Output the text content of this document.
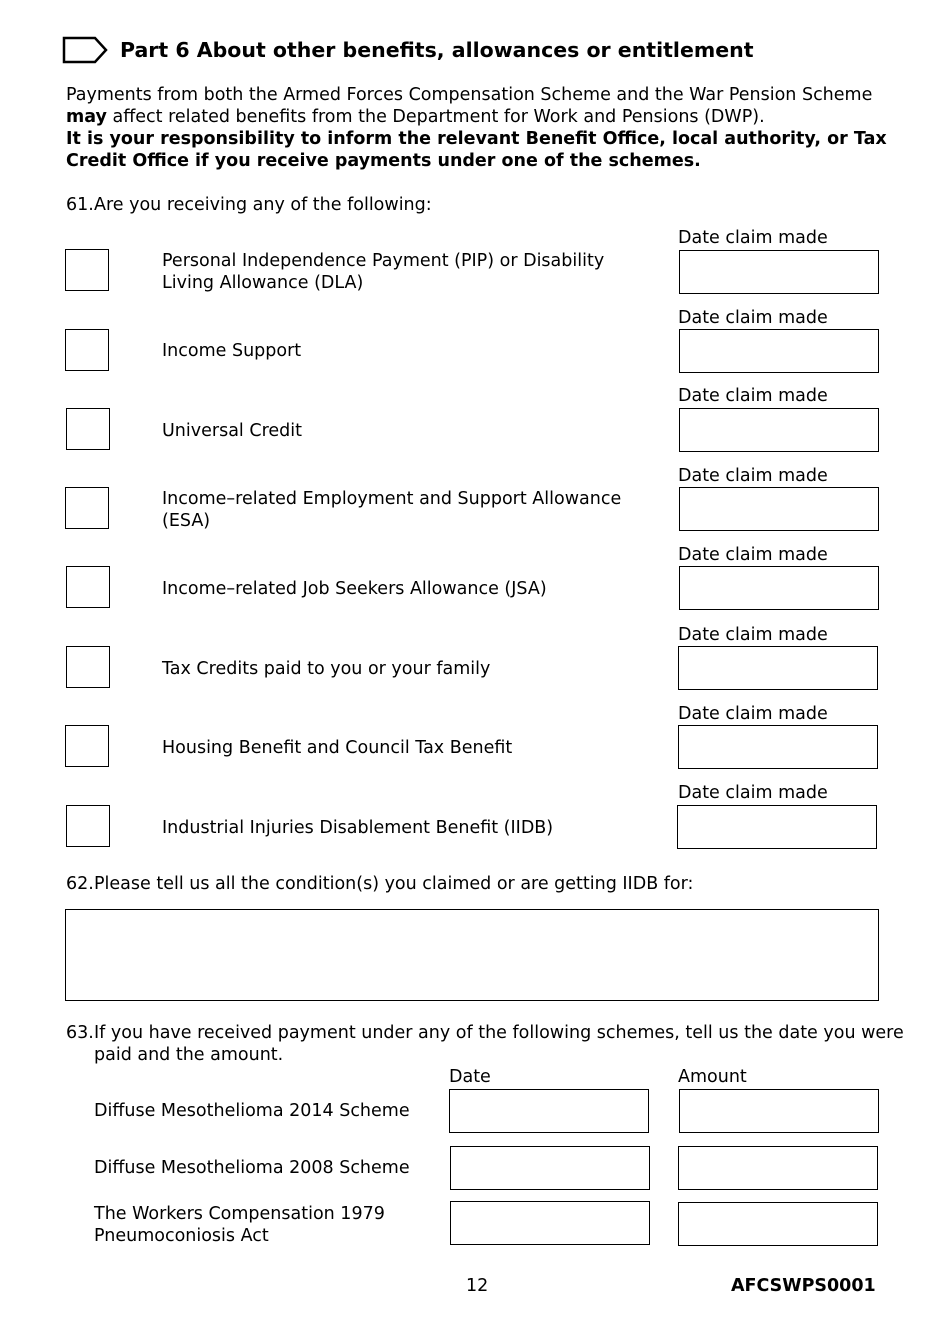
Part 6 About other benefits, allowances or entitlement
Payments from both the Armed Forces Compensation Scheme and the War Pension Scheme
may affect related benefits from the Department for Work and Pensions (DWP).
It is your responsibility to inform the relevant Benefit Office, local authority, or Tax
Credit Office if you receive payments under one of the schemes.
61. Are you receiving any of the following:
Date claim made
Personal Independence Payment (PIP) or Disability
Living Allowance (DLA)
Date claim made
Income Support
Date claim made
Universal Credit
Date claim made
Income–related Employment and Support Allowance
(ESA)
Date claim made
Income–related Job Seekers Allowance (JSA)
Date claim made
Tax Credits paid to you or your family
Date claim made
Housing Benefit and Council Tax Benefit
Date claim made
Industrial Injuries Disablement Benefit (IIDB)
62. Please tell us all the condition(s) you claimed or are getting IIDB for:
63. If you have received payment under any of the following schemes, tell us the date you were
paid and the amount.
Date	Amount
Diffuse Mesothelioma 2014 Scheme
Diffuse Mesothelioma 2008 Scheme
The Workers Compensation 1979
Pneumoconiosis Act
12	AFCSWPS0001
